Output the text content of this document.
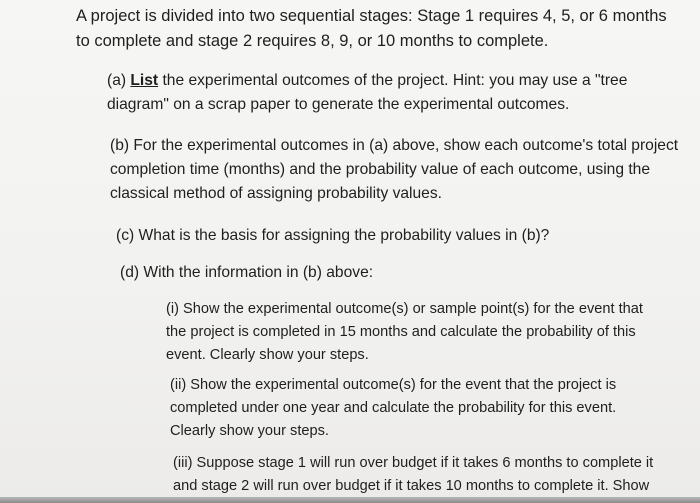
A project is divided into two sequential stages: Stage 1 requires 4, 5, or 6 months to complete and stage 2 requires 8, 9, or 10 months to complete.
(a) List the experimental outcomes of the project. Hint: you may use a "tree diagram" on a scrap paper to generate the experimental outcomes.
(b) For the experimental outcomes in (a) above, show each outcome's total project completion time (months) and the probability value of each outcome, using the classical method of assigning probability values.
(c) What is the basis for assigning the probability values in (b)?
(d) With the information in (b) above:
(i) Show the experimental outcome(s) or sample point(s) for the event that the project is completed in 15 months and calculate the probability of this event. Clearly show your steps.
(ii) Show the experimental outcome(s) for the event that the project is completed under one year and calculate the probability for this event. Clearly show your steps.
(iii) Suppose stage 1 will run over budget if it takes 6 months to complete it and stage 2 will run over budget if it takes 10 months to complete it. Show
